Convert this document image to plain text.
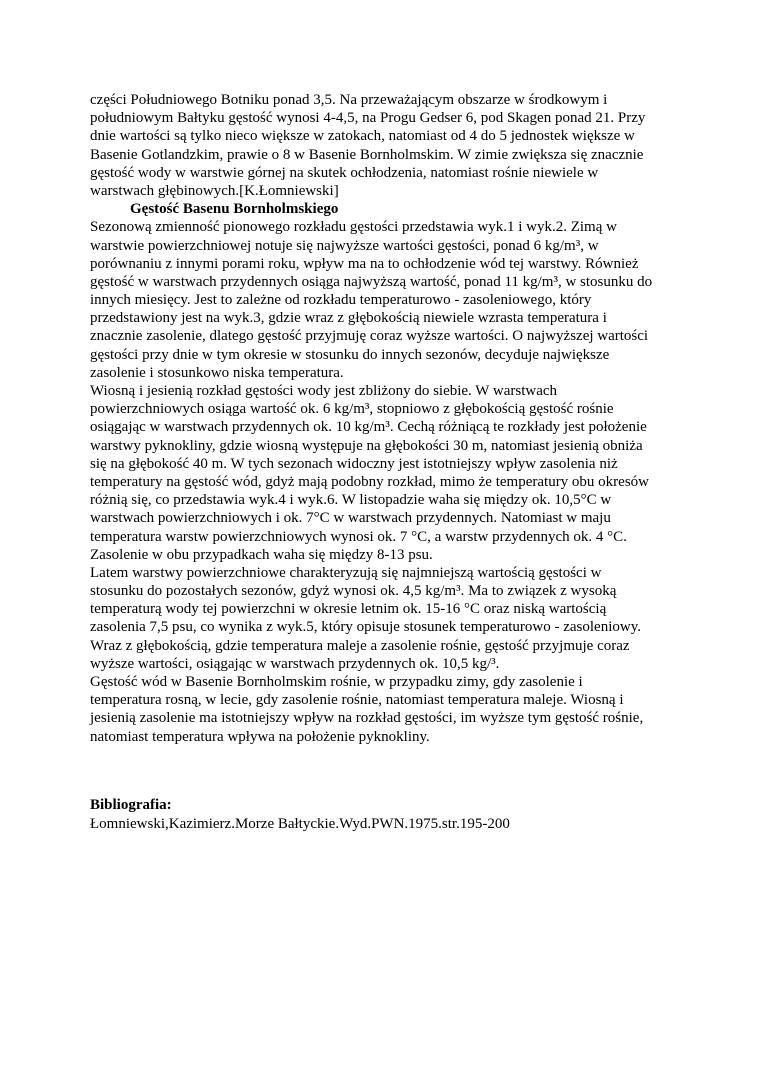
części Południowego Botniku ponad 3,5. Na przeważającym obszarze w środkowym i
południowym Bałtyku gęstość wynosi 4-4,5, na Progu Gedser 6, pod Skagen ponad 21. Przy
dnie wartości są tylko nieco większe w zatokach, natomiast od 4 do 5 jednostek większe w
Basenie Gotlandzkim, prawie o 8 w Basenie Bornholmskim. W zimie zwiększa się znacznie
gęstość wody w warstwie górnej na skutek ochłodzenia, natomiast rośnie niewiele w
warstwach głębinowych.[K.Łomniewski]
Gęstość Basenu Bornholmskiego
Sezonową zmienność pionowego rozkładu gęstości przedstawia wyk.1 i wyk.2. Zimą w
warstwie powierzchniowej notuje się najwyższe wartości gęstości, ponad 6 kg/m³, w
porównaniu z innymi porami roku, wpływ ma na to ochłodzenie wód tej warstwy. Również
gęstość w warstwach przydennych osiąga najwyższą wartość, ponad 11 kg/m³, w stosunku do
innych miesięcy. Jest to zależne od rozkładu temperaturowo - zasoleniowego, który
przedstawiony jest na wyk.3, gdzie wraz z głębokością niewiele wzrasta temperatura i
znacznie zasolenie, dlatego gęstość przyjmuję coraz wyższe wartości. O najwyższej wartości
gęstości przy dnie w tym okresie w stosunku do innych sezonów, decyduje największe
zasolenie i stosunkowo niska temperatura.
Wiosną i jesienią rozkład gęstości wody jest zbliżony do siebie. W warstwach
powierzchniowych osiąga wartość ok. 6 kg/m³, stopniowo z głębokością gęstość rośnie
osiągając w warstwach przydennych ok. 10 kg/m³. Cechą różniącą te rozkłady jest położenie
warstwy pyknokliny, gdzie wiosną występuje na głębokości 30 m, natomiast jesienią obniża
się na głębokość 40 m. W tych sezonach widoczny jest istotniejszy wpływ zasolenia niż
temperatury na gęstość wód, gdyż mają podobny rozkład, mimo że temperatury obu okresów
różnią się, co przedstawia wyk.4 i wyk.6. W listopadzie waha się między ok. 10,5°C w
warstwach powierzchniowych i ok. 7°C w warstwach przydennych. Natomiast w maju
temperatura warstw powierzchniowych wynosi ok. 7 °C, a warstw przydennych ok. 4 °C.
Zasolenie w obu przypadkach waha się między 8-13 psu.
Latem warstwy powierzchniowe charakteryzują się najmniejszą wartością gęstości w
stosunku do pozostałych sezonów, gdyż wynosi ok. 4,5 kg/m³. Ma to związek z wysoką
temperaturą wody tej powierzchni w okresie letnim ok. 15-16 °C oraz niską wartością
zasolenia 7,5 psu, co wynika z wyk.5, który opisuje stosunek temperaturowo - zasoleniowy.
Wraz z głębokością, gdzie temperatura maleje a zasolenie rośnie, gęstość przyjmuje coraz
wyższe wartości, osiągając w warstwach przydennych ok. 10,5 kg/³.
Gęstość wód w Basenie Bornholmskim rośnie, w przypadku zimy, gdy zasolenie i
temperatura rosną, w lecie, gdy zasolenie rośnie, natomiast temperatura maleje. Wiosną i
jesienią zasolenie ma istotniejszy wpływ na rozkład gęstości, im wyższe tym gęstość rośnie,
natomiast temperatura wpływa na położenie pyknokliny.
Bibliografia:
Łomniewski,Kazimierz.Morze Bałtyckie.Wyd.PWN.1975.str.195-200
